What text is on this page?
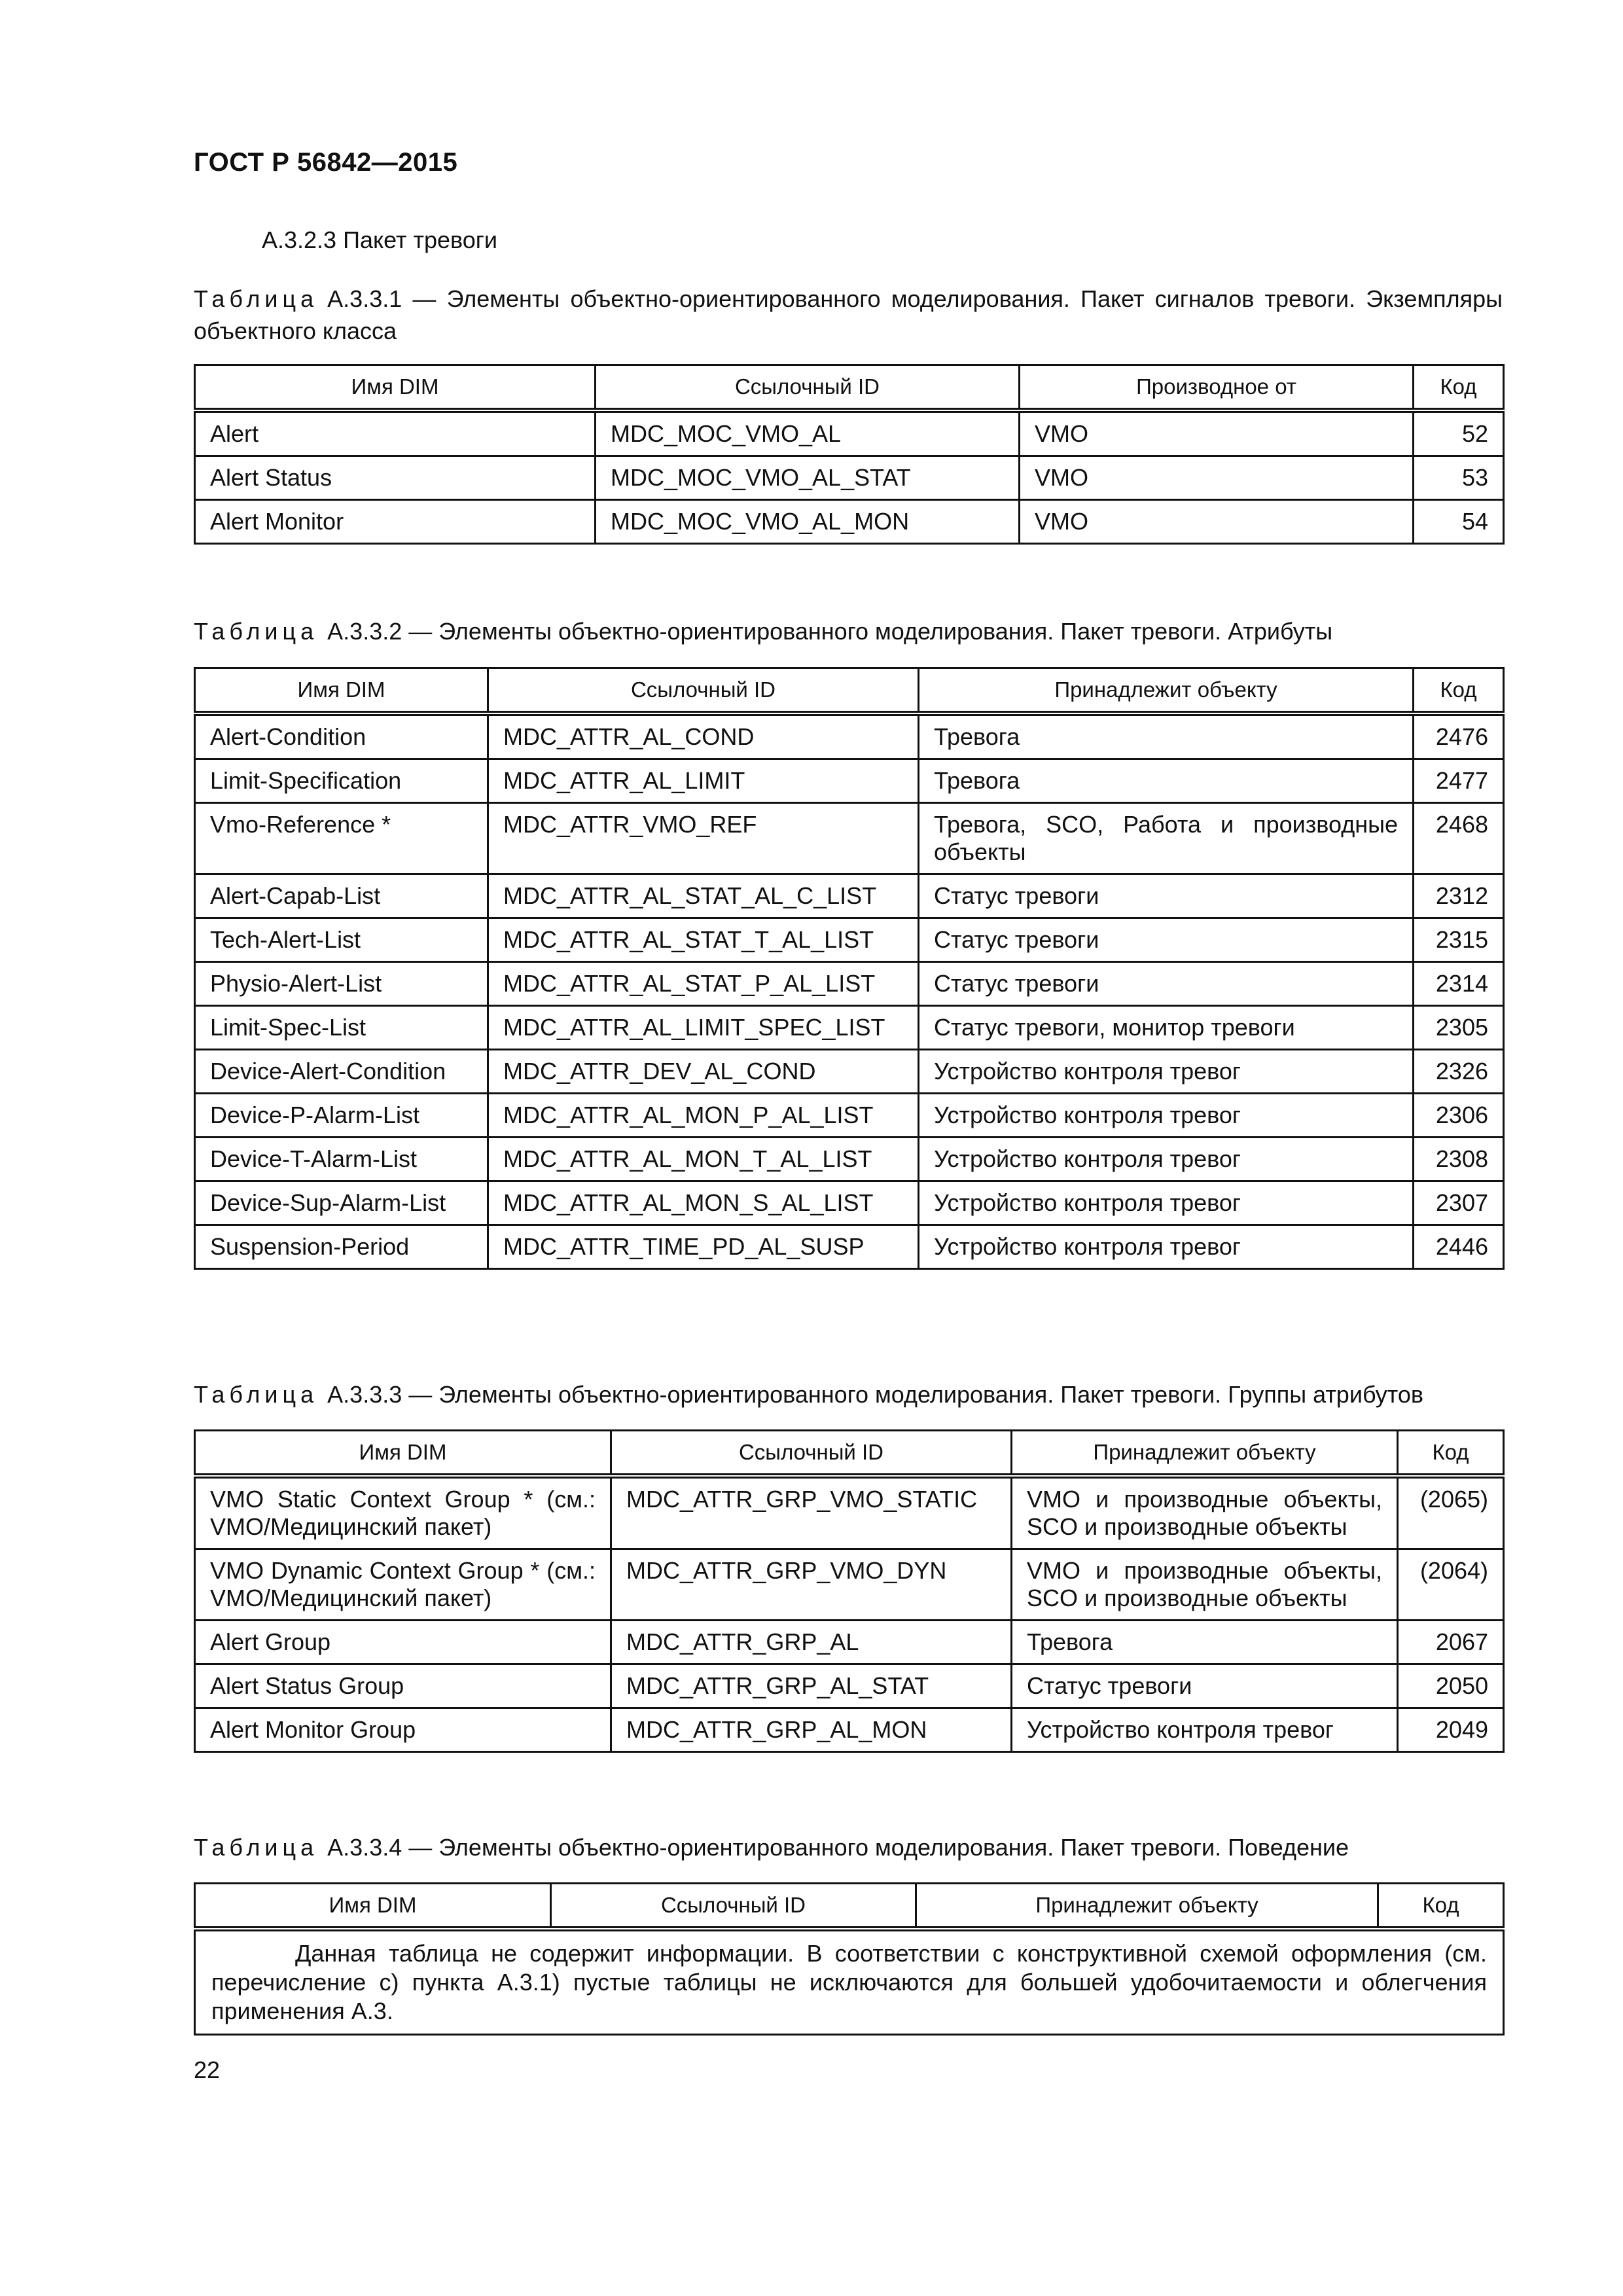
ГОСТ Р 56842—2015
А.3.2.3 Пакет тревоги
Таблица А.3.3.1 — Элементы объектно-ориентированного моделирования. Пакет сигналов тревоги. Экземпляры объектного класса
Имя DIM	Ссылочный ID	Производное от	Код
Alert	MDC_MOC_VMO_AL	VMO	52
Alert Status	MDC_MOC_VMO_AL_STAT	VMO	53
Alert Monitor	MDC_MOC_VMO_AL_MON	VMO	54
Таблица А.3.3.2 — Элементы объектно-ориентированного моделирования. Пакет тревоги. Атрибуты
Имя DIM	Ссылочный ID	Принадлежит объекту	Код
Alert-Condition	MDC_ATTR_AL_COND	Тревога	2476
Limit-Specification	MDC_ATTR_AL_LIMIT	Тревога	2477
Vmo-Reference *	MDC_ATTR_VMO_REF	Тревога, SCO, Работа и производные объекты	2468
Alert-Capab-List	MDC_ATTR_AL_STAT_AL_C_LIST	Статус тревоги	2312
Tech-Alert-List	MDC_ATTR_AL_STAT_T_AL_LIST	Статус тревоги	2315
Physio-Alert-List	MDC_ATTR_AL_STAT_P_AL_LIST	Статус тревоги	2314
Limit-Spec-List	MDC_ATTR_AL_LIMIT_SPEC_LIST	Статус тревоги, монитор тревоги	2305
Device-Alert-Condition	MDC_ATTR_DEV_AL_COND	Устройство контроля тревог	2326
Device-P-Alarm-List	MDC_ATTR_AL_MON_P_AL_LIST	Устройство контроля тревог	2306
Device-T-Alarm-List	MDC_ATTR_AL_MON_T_AL_LIST	Устройство контроля тревог	2308
Device-Sup-Alarm-List	MDC_ATTR_AL_MON_S_AL_LIST	Устройство контроля тревог	2307
Suspension-Period	MDC_ATTR_TIME_PD_AL_SUSP	Устройство контроля тревог	2446
Таблица А.3.3.3 — Элементы объектно-ориентированного моделирования. Пакет тревоги. Группы атрибутов
Имя DIM	Ссылочный ID	Принадлежит объекту	Код
VMO Static Context Group * (см.: VMO/Медицинский пакет)	MDC_ATTR_GRP_VMO_STATIC	VMO и производные объекты, SCO и производные объекты	(2065)
VMO Dynamic Context Group * (см.: VMO/Медицинский пакет)	MDC_ATTR_GRP_VMO_DYN	VMO и производные объекты, SCO и производные объекты	(2064)
Alert Group	MDC_ATTR_GRP_AL	Тревога	2067
Alert Status Group	MDC_ATTR_GRP_AL_STAT	Статус тревоги	2050
Alert Monitor Group	MDC_ATTR_GRP_AL_MON	Устройство контроля тревог	2049
Таблица А.3.3.4 — Элементы объектно-ориентированного моделирования. Пакет тревоги. Поведение
Имя DIM	Ссылочный ID	Принадлежит объекту	Код
Данная таблица не содержит информации. В соответствии с конструктивной схемой оформления (см. перечисление с) пункта А.3.1) пустые таблицы не исключаются для большей удобочитаемости и облегчения применения А.3.
22
